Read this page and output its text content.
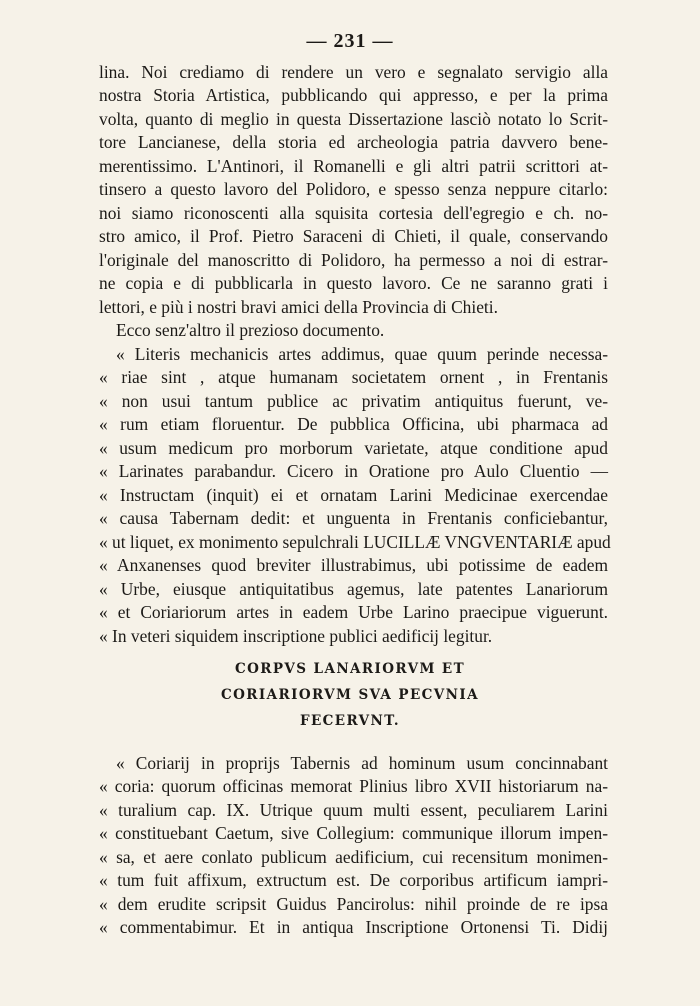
— 231 —
lina. Noi crediamo di rendere un vero e segnalato servigio alla
nostra Storia Artistica, pubblicando qui appresso, e per la prima
volta, quanto di meglio in questa Dissertazione lasciò notato lo Scrit-
tore Lancianese, della storia ed archeologia patria davvero bene-
merentissimo. L'Antinori, il Romanelli e gli altri patrii scrittori at-
tinsero a questo lavoro del Polidoro, e spesso senza neppure citarlo:
noi siamo riconoscenti alla squisita cortesia dell'egregio e ch. no-
stro amico, il Prof. Pietro Saraceni di Chieti, il quale, conservando
l'originale del manoscritto di Polidoro, ha permesso a noi di estrar-
ne copia e di pubblicarla in questo lavoro. Ce ne saranno grati i
lettori, e più i nostri bravi amici della Provincia di Chieti.
Ecco senz'altro il prezioso documento.
« Literis mechanicis artes addimus, quae quum perinde necessa-
« riae sint , atque humanam societatem ornent , in Frentanis
« non usui tantum publice ac privatim antiquitus fuerunt, ve-
« rum etiam floruentur. De pubblica Officina, ubi pharmaca ad
« usum medicum pro morborum varietate, atque conditione apud
« Larinates parabandur. Cicero in Oratione pro Aulo Cluentio —
« Instructam (inquit) ei et ornatam Larini Medicinae exercendae
« causa Tabernam dedit: et unguenta in Frentanis conficiebantur,
« ut liquet, ex monimento sepulchrali LUCILLÆ VNGVENTARIÆ apud
« Anxanenses quod breviter illustrabimus, ubi potissime de eadem
« Urbe, eiusque antiquitatibus agemus, late patentes Lanariorum
« et Coriariorum artes in eadem Urbe Larino praecipue viguerunt.
« In veteri siquidem inscriptione publici aedificij legitur.
CORPVS LANARIORVM ET
CORIARIORVM SVA PECVNIA
FECERVNT.
« Coriarij in proprijs Tabernis ad hominum usum concinnabant
« coria: quorum officinas memorat Plinius libro XVII historiarum na-
« turalium cap. IX. Utrique quum multi essent, peculiarem Larini
« constituebant Caetum, sive Collegium: communique illorum impen-
« sa, et aere conlato publicum aedificium, cui recensitum monimen-
« tum fuit affixum, extructum est. De corporibus artificum iampri-
« dem erudite scripsit Guidus Pancirolus: nihil proinde de re ipsa
« commentabimur. Et in antiqua Inscriptione Ortonensi Ti. Didij
